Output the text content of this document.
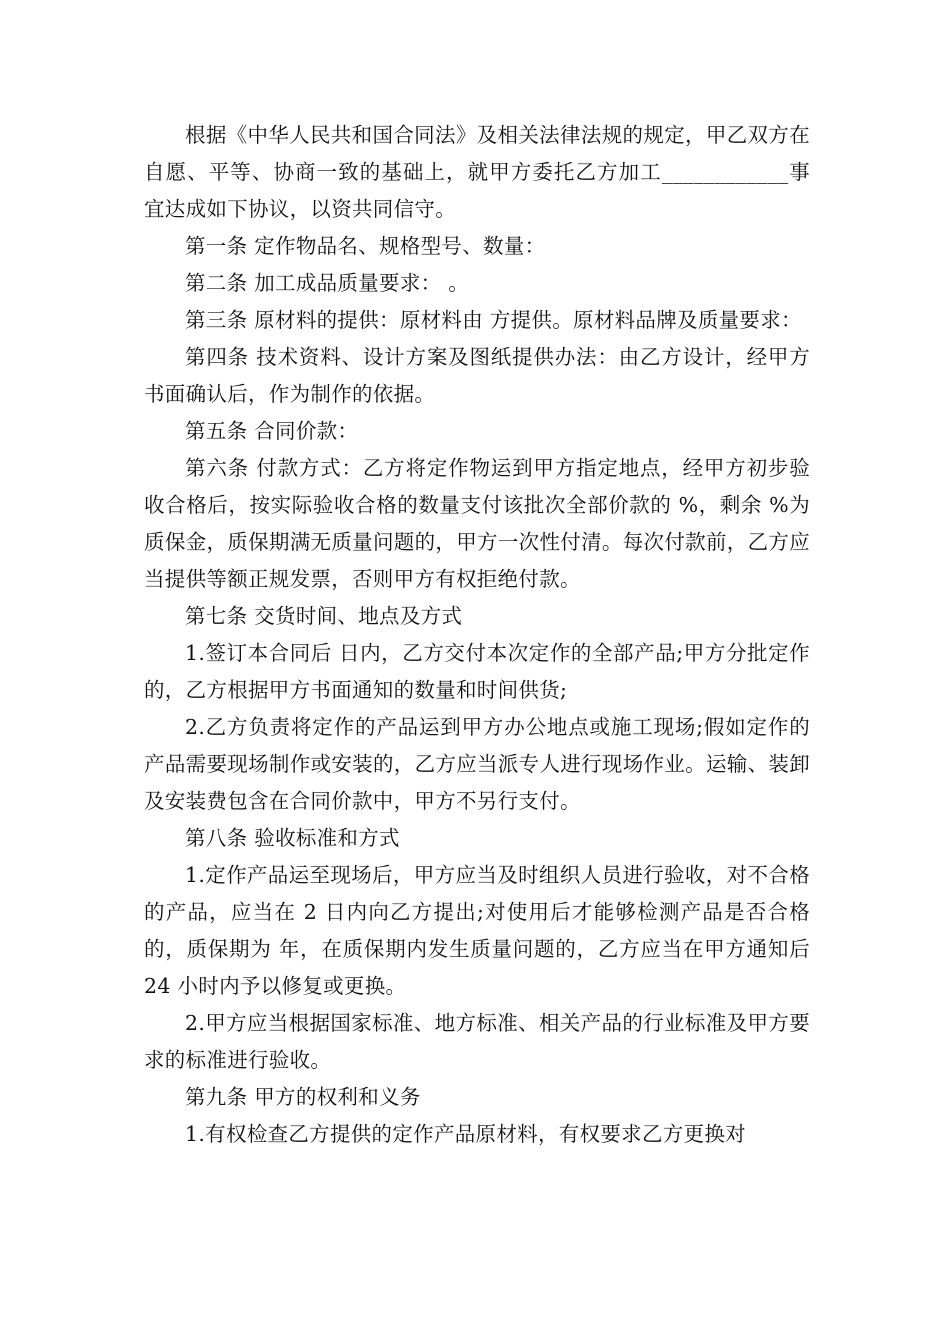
根据《中华人民共和国合同法》及相关法律法规的规定，甲乙双方在自愿、平等、协商一致的基础上，就甲方委托乙方加工____________事宜达成如下协议，以资共同信守。

第一条 定作物品名、规格型号、数量：

第二条 加工成品质量要求： 。

第三条 原材料的提供：原材料由 方提供。原材料品牌及质量要求：

第四条 技术资料、设计方案及图纸提供办法：由乙方设计，经甲方书面确认后，作为制作的依据。

第五条 合同价款：

第六条 付款方式：乙方将定作物运到甲方指定地点，经甲方初步验收合格后，按实际验收合格的数量支付该批次全部价款的 %，剩余 %为质保金，质保期满无质量问题的，甲方一次性付清。每次付款前，乙方应当提供等额正规发票，否则甲方有权拒绝付款。

第七条 交货时间、地点及方式

1.签订本合同后 日内，乙方交付本次定作的全部产品;甲方分批定作的，乙方根据甲方书面通知的数量和时间供货;

2.乙方负责将定作的产品运到甲方办公地点或施工现场;假如定作的产品需要现场制作或安装的，乙方应当派专人进行现场作业。运输、装卸及安装费包含在合同价款中，甲方不另行支付。

第八条 验收标准和方式

1.定作产品运至现场后，甲方应当及时组织人员进行验收，对不合格的产品，应当在 2 日内向乙方提出;对使用后才能够检测产品是否合格的，质保期为 年，在质保期内发生质量问题的，乙方应当在甲方通知后 24 小时内予以修复或更换。

2.甲方应当根据国家标准、地方标准、相关产品的行业标准及甲方要求的标准进行验收。

第九条 甲方的权利和义务

1.有权检查乙方提供的定作产品原材料，有权要求乙方更换对
